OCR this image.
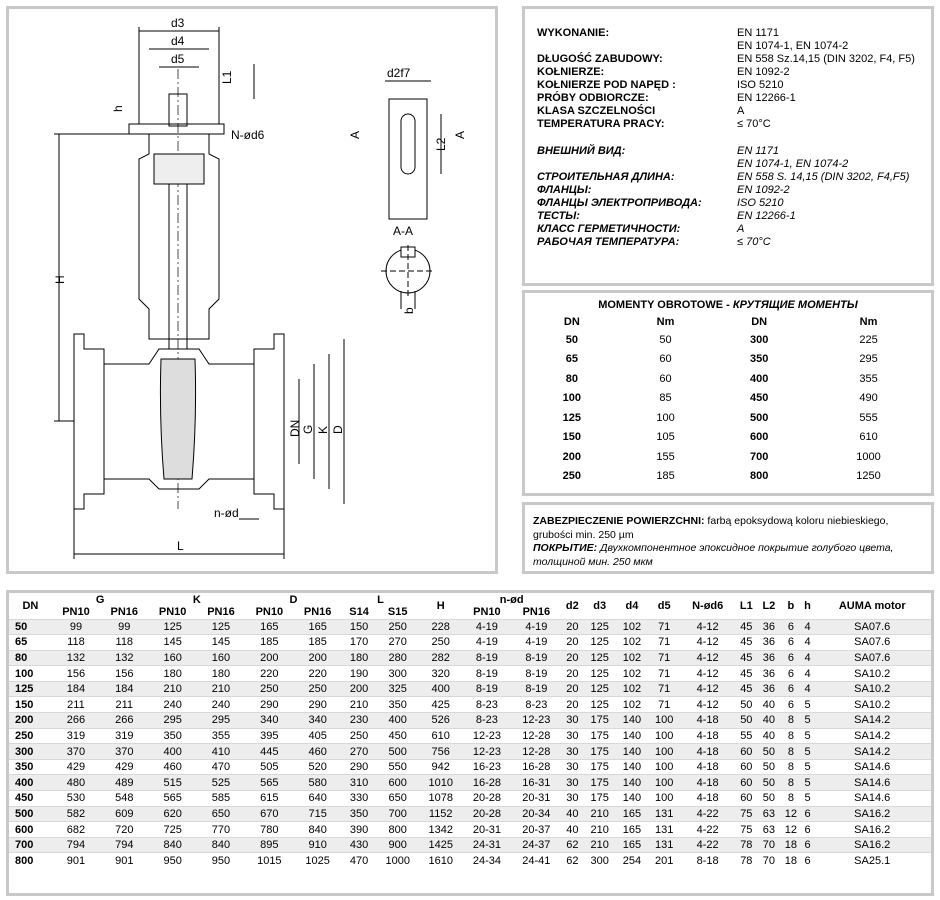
d3
d4
d5
L1
h
N-ød6
H
DN G K D
L
n-ød
d2f7
A	A
L2
A-A
b
WYKONANIE:	EN 1171
EN 1074-1, EN 1074-2
DŁUGOŚĆ ZABUDOWY:	EN 558 Sz.14,15 (DIN 3202, F4, F5)
KOŁNIERZE:	EN 1092-2
KOŁNIERZE POD NAPĘD :	ISO 5210
PRÓBY ODBIORCZE:	EN 12266-1
KLASA SZCZELNOŚCI	A
TEMPERATURA PRACY:	≤ 70°C
ВНЕШНИЙ ВИД:	EN 1171
EN 1074-1, EN 1074-2
СТРОИТЕЛЬНАЯ ДЛИНА:	EN 558 S. 14,15 (DIN 3202, F4,F5)
ФЛАНЦЫ:	EN 1092-2
ФЛАНЦЫ ЭЛЕКТРОПРИВОДА:	ISO 5210
ТЕСТЫ:	EN 12266-1
КЛАСС ГЕРМЕТИЧНОСТИ:	A
РАБОЧАЯ ТЕМПЕРАТУРА:	≤ 70°C
MOMENTY OBROTOWE - КРУТЯЩИЕ МОМЕНТЫ
DN	Nm	DN	Nm
50	50	300	225
65	60	350	295
80	60	400	355
100	85	450	490
125	100	500	555
150	105	600	610
200	155	700	1000
250	185	800	1250

ZABEZPIECZENIE POWIERZCHNI: farbą epoksydową koloru niebieskiego, grubości min. 250 µm

ПОКРЫТИЕ: Двухкомпонентное эпоксидное покрытие голубого цвета, толщиной мин. 250 мкм

DN	G		K		D		L		H	n-ød		d2	d3	d4	d5	N-ød6	L1	L2	b	h	AUMA motor
	PN10	PN16	PN10	PN16	PN10	PN16	S14	S15		PN10	PN16										
50	99	99	125	125	165	165	150	250	228	4-19	4-19	20	125	102	71	4-12	45	36	6	4	SA07.6
65	118	118	145	145	185	185	170	270	250	4-19	4-19	20	125	102	71	4-12	45	36	6	4	SA07.6
80	132	132	160	160	200	200	180	280	282	8-19	8-19	20	125	102	71	4-12	45	36	6	4	SA07.6
100	156	156	180	180	220	220	190	300	320	8-19	8-19	20	125	102	71	4-12	45	36	6	4	SA10.2
125	184	184	210	210	250	250	200	325	400	8-19	8-19	20	125	102	71	4-12	45	36	6	4	SA10.2
150	211	211	240	240	290	290	210	350	425	8-23	8-23	20	125	102	71	4-12	50	40	6	5	SA10.2
200	266	266	295	295	340	340	230	400	526	8-23	12-23	30	175	140	100	4-18	50	40	8	5	SA14.2
250	319	319	350	355	395	405	250	450	610	12-23	12-28	30	175	140	100	4-18	55	40	8	5	SA14.2
300	370	370	400	410	445	460	270	500	756	12-23	12-28	30	175	140	100	4-18	60	50	8	5	SA14.2
350	429	429	460	470	505	520	290	550	942	16-23	16-28	30	175	140	100	4-18	60	50	8	5	SA14.6
400	480	489	515	525	565	580	310	600	1010	16-28	16-31	30	175	140	100	4-18	60	50	8	5	SA14.6
450	530	548	565	585	615	640	330	650	1078	20-28	20-31	30	175	140	100	4-18	60	50	8	5	SA14.6
500	582	609	620	650	670	715	350	700	1152	20-28	20-34	40	210	165	131	4-22	75	63	12	6	SA16.2
600	682	720	725	770	780	840	390	800	1342	20-31	20-37	40	210	165	131	4-22	75	63	12	6	SA16.2
700	794	794	840	840	895	910	430	900	1425	24-31	24-37	62	210	165	131	4-22	78	70	18	6	SA16.2
800	901	901	950	950	1015	1025	470	1000	1610	24-34	24-41	62	300	254	201	8-18	78	70	18	6	SA25.1
